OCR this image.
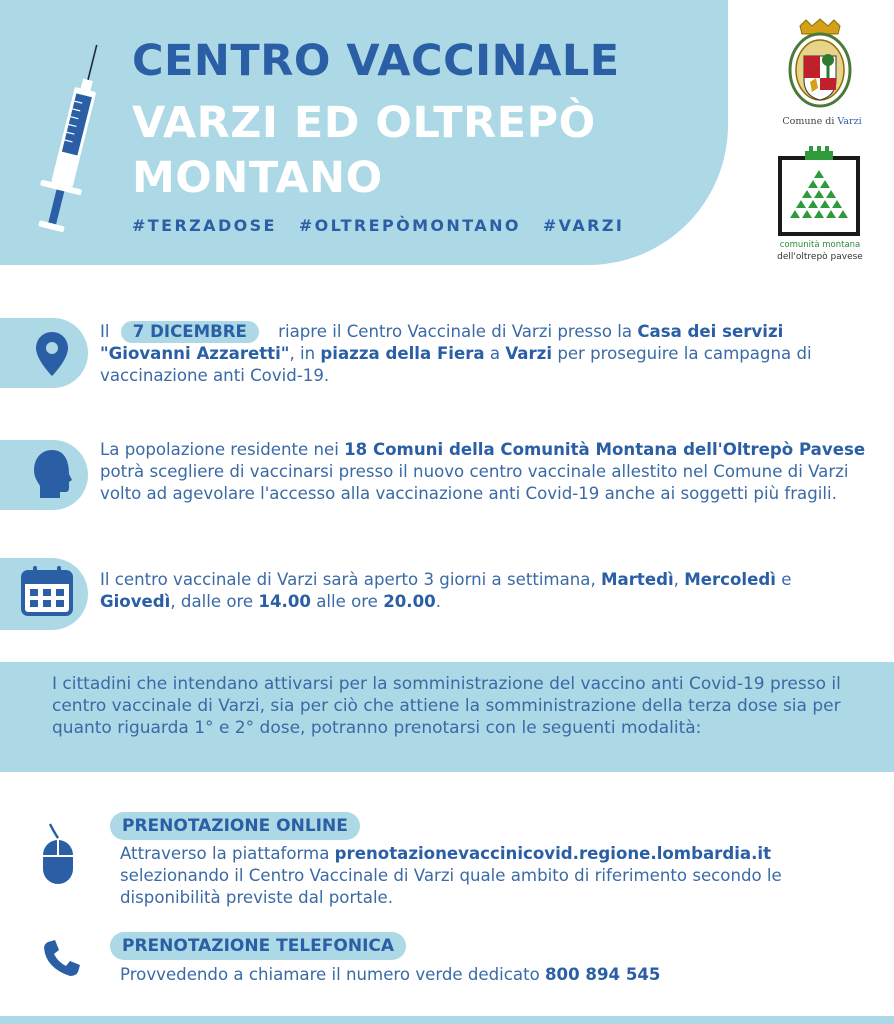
CENTRO VACCINALE
VARZI ED OLTREPÒ
MONTANO
#TERZADOSE #OLTREPÒMONTANO #VARZI
Comune di Varzi
comunità montana
dell'oltrepò pavese
Il 7 DICEMBRE riapre il Centro Vaccinale di Varzi presso la Casa dei servizi "Giovanni Azzaretti", in piazza della Fiera a Varzi per proseguire la campagna di vaccinazione anti Covid-19.
La popolazione residente nei 18 Comuni della Comunità Montana dell'Oltrepò Pavese potrà scegliere di vaccinarsi presso il nuovo centro vaccinale allestito nel Comune di Varzi volto ad agevolare l'accesso alla vaccinazione anti Covid-19 anche ai soggetti più fragili.
Il centro vaccinale di Varzi sarà aperto 3 giorni a settimana, Martedì, Mercoledì e Giovedì, dalle ore 14.00 alle ore 20.00.
I cittadini che intendano attivarsi per la somministrazione del vaccino anti Covid-19 presso il centro vaccinale di Varzi, sia per ciò che attiene la somministrazione della terza dose sia per quanto riguarda 1° e 2° dose, potranno prenotarsi con le seguenti modalità:
PRENOTAZIONE ONLINE
Attraverso la piattaforma prenotazionevaccinicovid.regione.lombardia.it selezionando il Centro Vaccinale di Varzi quale ambito di riferimento secondo le disponibilità previste dal portale.
PRENOTAZIONE TELEFONICA
Provvedendo a chiamare il numero verde dedicato 800 894 545
